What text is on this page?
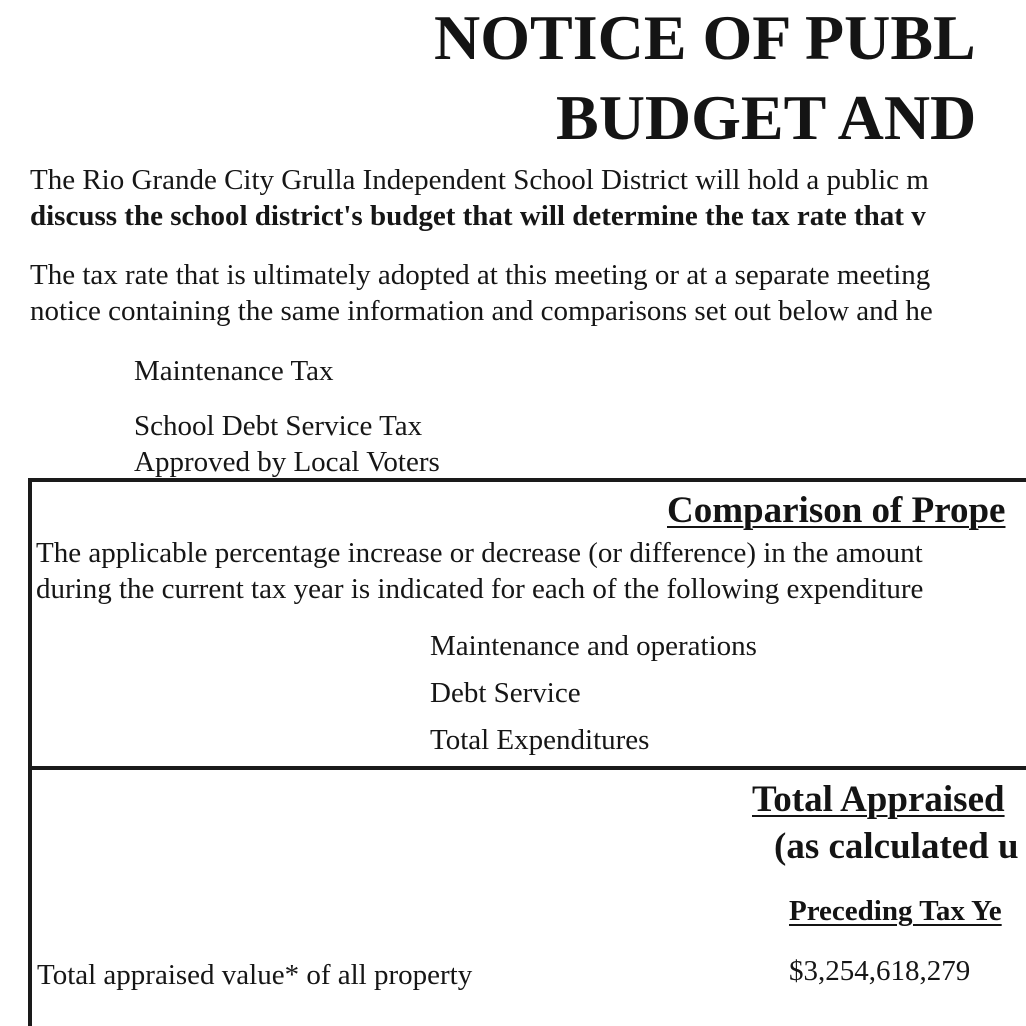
NOTICE OF PUBL
BUDGET AND
The Rio Grande City Grulla Independent School District will hold a public m
discuss the school district's budget that will determine the tax rate that v
The tax rate that is ultimately adopted at this meeting or at a separate meeting
notice containing the same information and comparisons set out below and he
Maintenance Tax
School Debt Service Tax
Approved by Local Voters
Comparison of Prope
The applicable percentage increase or decrease (or difference) in the amount
during the current tax year is indicated for each of the following expenditure
Maintenance and operations
Debt Service
Total Expenditures
Total Appraised
(as calculated u
Preceding Tax Ye
Total appraised value* of all property	$3,254,618,279
